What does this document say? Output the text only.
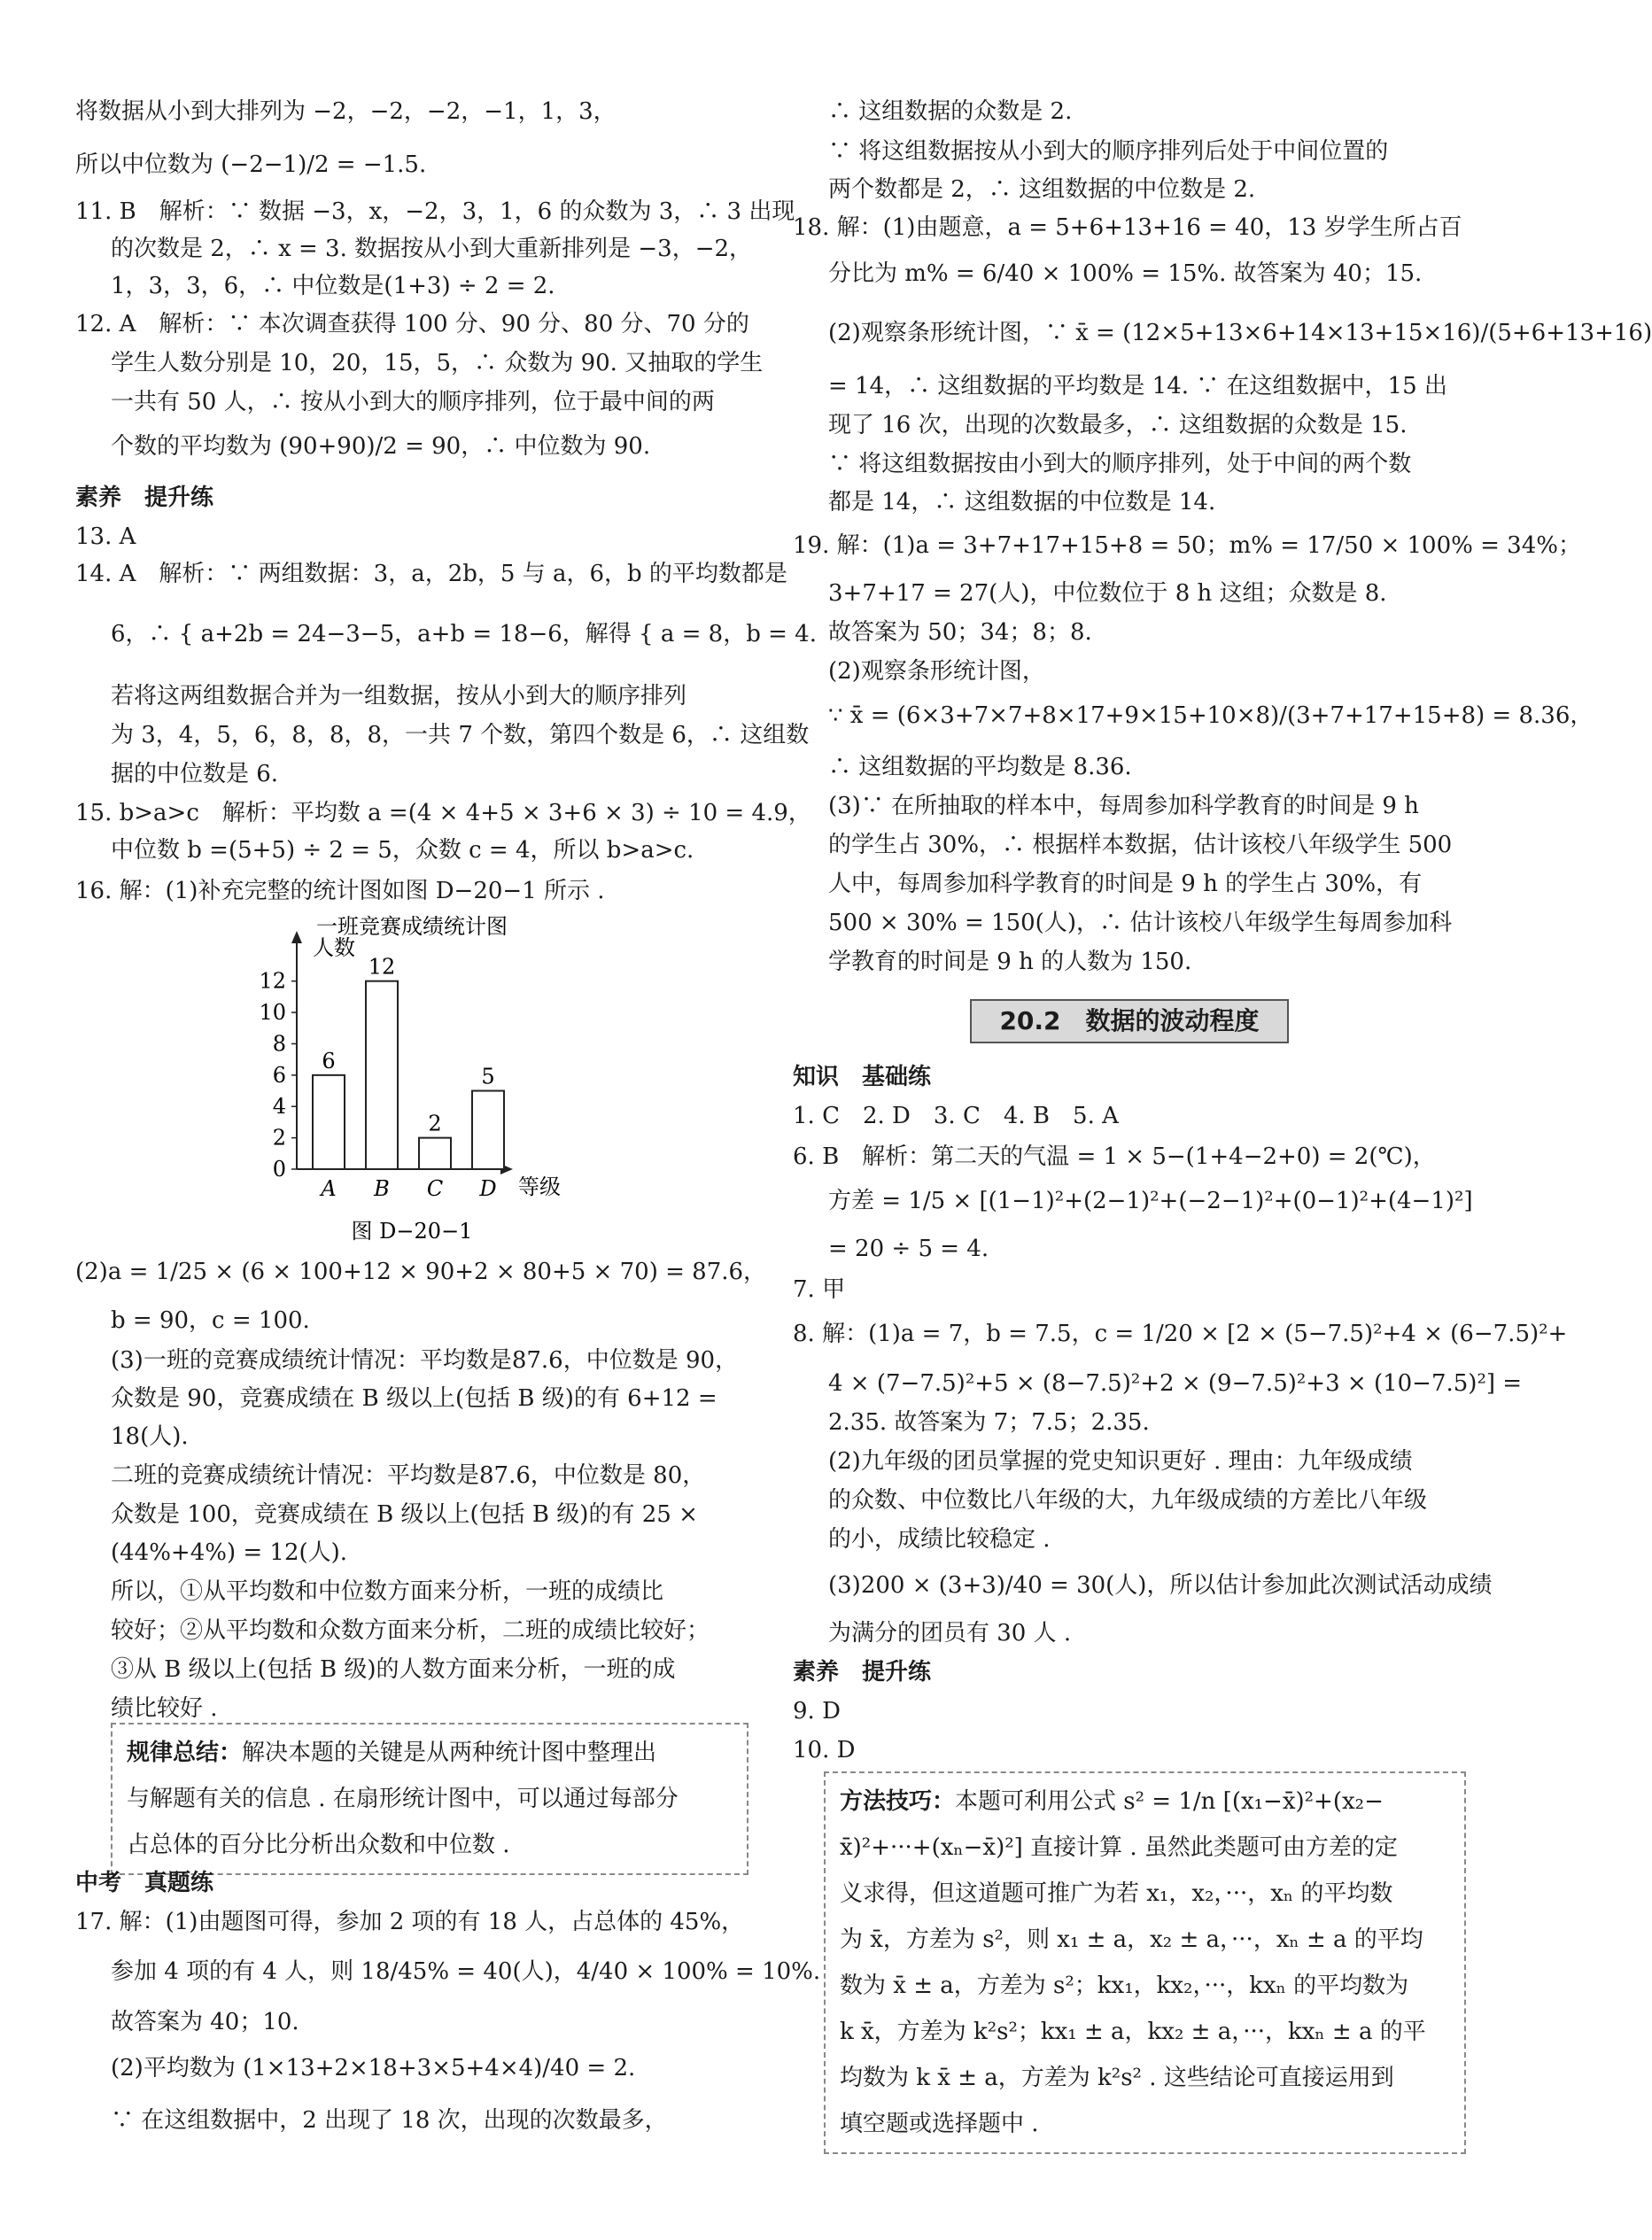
将数据从小到大排列为 −2，−2，−2，−1，1，3，
所以中位数为 (−2−1)/2 = −1.5.
11. B　解析：∵ 数据 −3，x，−2，3，1，6 的众数为 3，∴ 3 出现
的次数是 2，∴ x = 3. 数据按从小到大重新排列是 −3，−2，
1，3，3，6，∴ 中位数是(1+3) ÷ 2 = 2.
12. A　解析：∵ 本次调查获得 100 分、90 分、80 分、70 分的
学生人数分别是 10，20，15，5，∴ 众数为 90. 又抽取的学生
一共有 50 人，∴ 按从小到大的顺序排列，位于最中间的两
个数的平均数为 (90+90)/2 = 90，∴ 中位数为 90.
素养　提升练
13. A
14. A　解析：∵ 两组数据：3，a，2b，5 与 a，6，b 的平均数都是
6，∴ { a+2b = 24−3−5，a+b = 18−6，解得 { a = 8，b = 4.
若将这两组数据合并为一组数据，按从小到大的顺序排列
为 3，4，5，6，8，8，8，一共 7 个数，第四个数是 6，∴ 这组数
据的中位数是 6.
15. b>a>c　解析：平均数 a =(4 × 4+5 × 3+6 × 3) ÷ 10 = 4.9，
中位数 b =(5+5) ÷ 2 = 5，众数 c = 4，所以 b>a>c.
16. 解：(1)补充完整的统计图如图 D−20−1 所示 .
一班竞赛成绩统计图
0
2
4
6
8
10
12
人数
等级
6
A
12
B
2
C
5
D
图 D−20−1
(2)a = 1/25 × (6 × 100+12 × 90+2 × 80+5 × 70) = 87.6，
b = 90，c = 100.
(3)一班的竞赛成绩统计情况：平均数是87.6，中位数是 90，
众数是 90，竞赛成绩在 B 级以上(包括 B 级)的有 6+12 =
18(人).
二班的竞赛成绩统计情况：平均数是87.6，中位数是 80，
众数是 100，竞赛成绩在 B 级以上(包括 B 级)的有 25 ×
(44%+4%) = 12(人).
所以，①从平均数和中位数方面来分析，一班的成绩比
较好；②从平均数和众数方面来分析，二班的成绩比较好；
③从 B 级以上(包括 B 级)的人数方面来分析，一班的成
绩比较好 .
规律总结：解决本题的关键是从两种统计图中整理出
与解题有关的信息 . 在扇形统计图中，可以通过每部分
占总体的百分比分析出众数和中位数 .
中考　真题练
17. 解：(1)由题图可得，参加 2 项的有 18 人，占总体的 45%，
参加 4 项的有 4 人，则 18/45% = 40(人)，4/40 × 100% = 10%.
故答案为 40；10.
(2)平均数为 (1×13+2×18+3×5+4×4)/40 = 2.
∵ 在这组数据中，2 出现了 18 次，出现的次数最多，
∴ 这组数据的众数是 2.
∵ 将这组数据按从小到大的顺序排列后处于中间位置的
两个数都是 2，∴ 这组数据的中位数是 2.
18. 解：(1)由题意，a = 5+6+13+16 = 40，13 岁学生所占百
分比为 m% = 6/40 × 100% = 15%. 故答案为 40；15.
(2)观察条形统计图，∵ x̄ = (12×5+13×6+14×13+15×16)/(5+6+13+16)
= 14，∴ 这组数据的平均数是 14. ∵ 在这组数据中，15 出
现了 16 次，出现的次数最多，∴ 这组数据的众数是 15.
∵ 将这组数据按由小到大的顺序排列，处于中间的两个数
都是 14，∴ 这组数据的中位数是 14.
19. 解：(1)a = 3+7+17+15+8 = 50；m% = 17/50 × 100% = 34%；
3+7+17 = 27(人)，中位数位于 8 h 这组；众数是 8.
故答案为 50；34；8；8.
(2)观察条形统计图，
∵ x̄ = (6×3+7×7+8×17+9×15+10×8)/(3+7+17+15+8) = 8.36，
∴ 这组数据的平均数是 8.36.
(3)∵ 在所抽取的样本中，每周参加科学教育的时间是 9 h
的学生占 30%，∴ 根据样本数据，估计该校八年级学生 500
人中，每周参加科学教育的时间是 9 h 的学生占 30%，有
500 × 30% = 150(人)，∴ 估计该校八年级学生每周参加科
学教育的时间是 9 h 的人数为 150.
20.2　数据的波动程度
知识　基础练
1. C　2. D　3. C　4. B　5. A
6. B　解析：第二天的气温 = 1 × 5−(1+4−2+0) = 2(℃)，
方差 = 1/5 × [(1−1)²+(2−1)²+(−2−1)²+(0−1)²+(4−1)²]
= 20 ÷ 5 = 4.
7. 甲
8. 解：(1)a = 7，b = 7.5，c = 1/20 × [2 × (5−7.5)²+4 × (6−7.5)²+
4 × (7−7.5)²+5 × (8−7.5)²+2 × (9−7.5)²+3 × (10−7.5)²] =
2.35. 故答案为 7；7.5；2.35.
(2)九年级的团员掌握的党史知识更好 . 理由：九年级成绩
的众数、中位数比八年级的大，九年级成绩的方差比八年级
的小，成绩比较稳定 .
(3)200 × (3+3)/40 = 30(人)，所以估计参加此次测试活动成绩
为满分的团员有 30 人 .
素养　提升练
9. D
10. D
方法技巧：本题可利用公式 s² = 1/n [(x₁−x̄)²+(x₂−
x̄)²+···+(xₙ−x̄)²] 直接计算 . 虽然此类题可由方差的定
义求得，但这道题可推广为若 x₁，x₂，···，xₙ 的平均数
为 x̄，方差为 s²，则 x₁ ± a，x₂ ± a，···，xₙ ± a 的平均
数为 x̄ ± a，方差为 s²；kx₁，kx₂，···，kxₙ 的平均数为
k x̄，方差为 k²s²；kx₁ ± a，kx₂ ± a，···，kxₙ ± a 的平
均数为 k x̄ ± a，方差为 k²s² . 这些结论可直接运用到
填空题或选择题中 .
